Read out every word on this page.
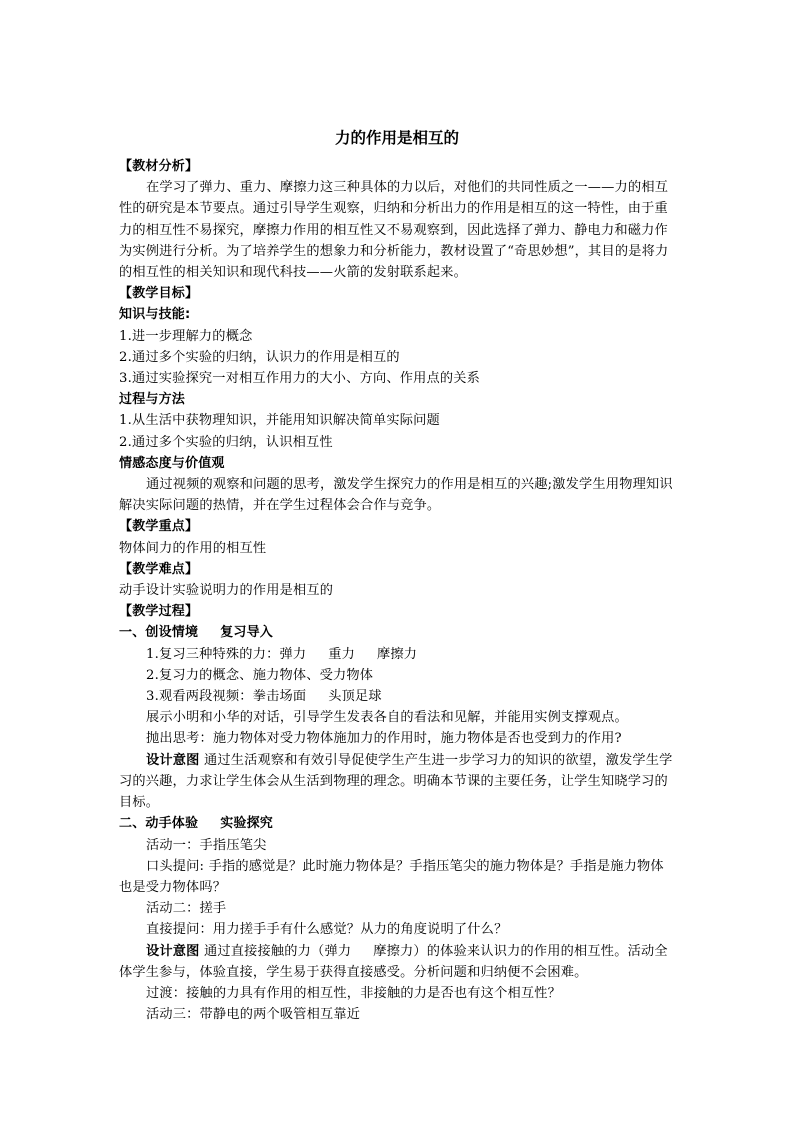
力的作用是相互的

【教材分析】

在学习了弹力、重力、摩擦力这三种具体的力以后，对他们的共同性质之一——力的相互性的研究是本节要点。通过引导学生观察，归纳和分析出力的作用是相互的这一特性，由于重力的相互性不易探究，摩擦力作用的相互性又不易观察到，因此选择了弹力、静电力和磁力作为实例进行分析。为了培养学生的想象力和分析能力，教材设置了“奇思妙想”，其目的是将力的相互性的相关知识和现代科技——火箭的发射联系起来。

【教学目标】

知识与技能:

1.进一步理解力的概念

2.通过多个实验的归纳，认识力的作用是相互的

3.通过实验探究一对相互作用力的大小、方向、作用点的关系

过程与方法

1.从生活中获物理知识，并能用知识解决简单实际问题

2.通过多个实验的归纳，认识相互性

情感态度与价值观

通过视频的观察和问题的思考，激发学生探究力的作用是相互的兴趣;激发学生用物理知识解决实际问题的热情，并在学生过程体会合作与竞争。

【教学重点】

物体间力的作用的相互性

【教学难点】

动手设计实验说明力的作用是相互的

【教学过程】

一、创设情境 复习导入

1.复习三种特殊的力：弹力 重力 摩擦力

2.复习力的概念、施力物体、受力物体

3.观看两段视频：拳击场面 头顶足球

展示小明和小华的对话，引导学生发表各自的看法和见解，并能用实例支撑观点。

抛出思考：施力物体对受力物体施加力的作用时，施力物体是否也受到力的作用?

设计意图 通过生活观察和有效引导促使学生产生进一步学习力的知识的欲望，激发学生学习的兴趣，力求让学生体会从生活到物理的理念。明确本节课的主要任务，让学生知晓学习的目标。

二、动手体验 实验探究

活动一：手指压笔尖

口头提问: 手指的感觉是？此时施力物体是？手指压笔尖的施力物体是？手指是施力物体也是受力物体吗？

活动二：搓手

直接提问：用力搓手手有什么感觉？从力的角度说明了什么？

设计意图 通过直接接触的力（弹力 摩擦力）的体验来认识力的作用的相互性。活动全体学生参与，体验直接，学生易于获得直接感受。分析问题和归纳便不会困难。

过渡：接触的力具有作用的相互性，非接触的力是否也有这个相互性？

活动三：带静电的两个吸管相互靠近
